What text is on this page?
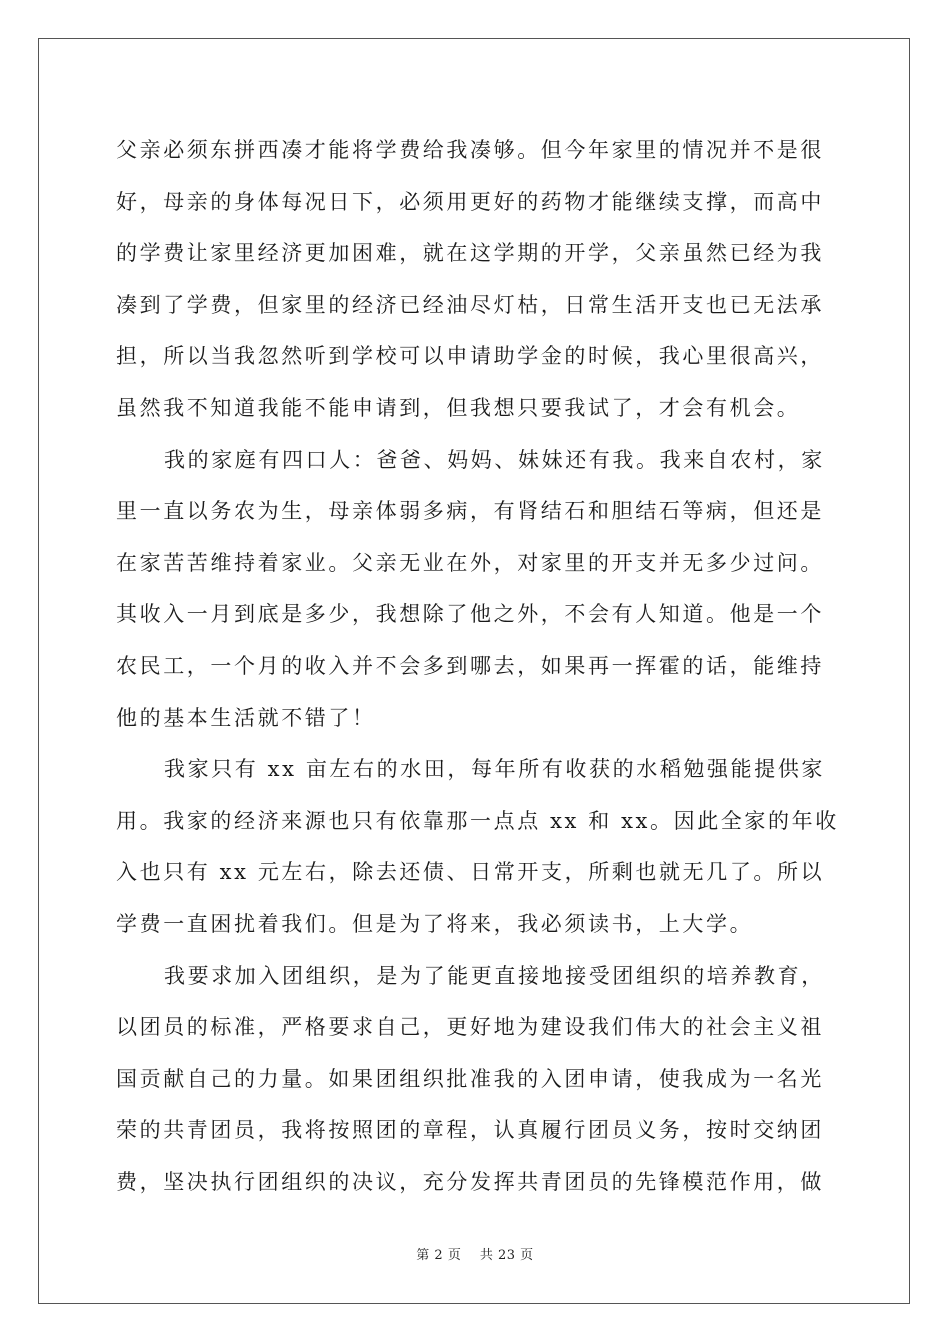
父亲必须东拼西凑才能将学费给我凑够。但今年家里的情况并不是很
好，母亲的身体每况日下，必须用更好的药物才能继续支撑，而高中
的学费让家里经济更加困难，就在这学期的开学，父亲虽然已经为我
凑到了学费，但家里的经济已经油尽灯枯，日常生活开支也已无法承
担，所以当我忽然听到学校可以申请助学金的时候，我心里很高兴，
虽然我不知道我能不能申请到，但我想只要我试了，才会有机会。
我的家庭有四口人：爸爸、妈妈、妹妹还有我。我来自农村，家
里一直以务农为生，母亲体弱多病，有肾结石和胆结石等病，但还是
在家苦苦维持着家业。父亲无业在外，对家里的开支并无多少过问。
其收入一月到底是多少，我想除了他之外，不会有人知道。他是一个
农民工，一个月的收入并不会多到哪去，如果再一挥霍的话，能维持
他的基本生活就不错了！
我家只有 xx 亩左右的水田，每年所有收获的水稻勉强能提供家
用。我家的经济来源也只有依靠那一点点 xx 和 xx。因此全家的年收
入也只有 xx 元左右，除去还债、日常开支，所剩也就无几了。所以
学费一直困扰着我们。但是为了将来，我必须读书，上大学。
我要求加入团组织，是为了能更直接地接受团组织的培养教育，
以团员的标准，严格要求自己，更好地为建设我们伟大的社会主义祖
国贡献自己的力量。如果团组织批准我的入团申请，使我成为一名光
荣的共青团员，我将按照团的章程，认真履行团员义务，按时交纳团
费，坚决执行团组织的决议，充分发挥共青团员的先锋模范作用，做
第 2 页 共 23 页
